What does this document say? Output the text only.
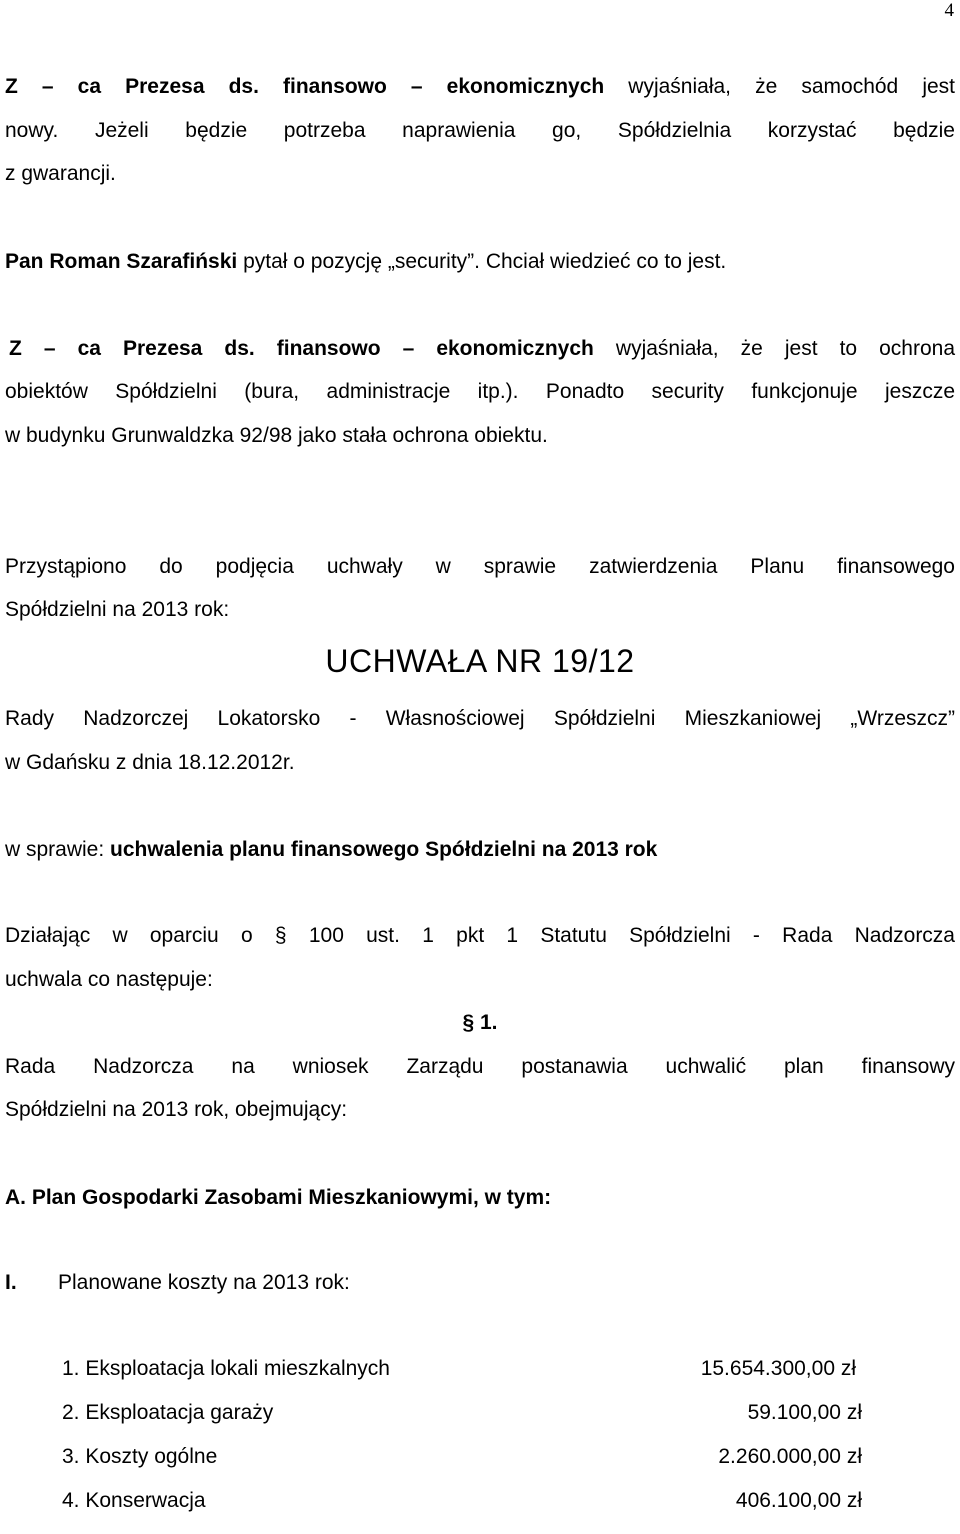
4
Z – ca Prezesa ds. finansowo – ekonomicznych wyjaśniała, że samochód jest
nowy. Jeżeli będzie potrzeba naprawienia go, Spółdzielnia korzystać będzie
z gwarancji.
Pan Roman Szarafiński pytał o pozycję „security”. Chciał wiedzieć co to jest.
Z – ca Prezesa ds. finansowo – ekonomicznych wyjaśniała, że jest to ochrona
obiektów Spółdzielni (bura, administracje itp.). Ponadto security funkcjonuje jeszcze
w budynku Grunwaldzka 92/98 jako stała ochrona obiektu.
Przystąpiono do podjęcia uchwały w sprawie zatwierdzenia Planu finansowego
Spółdzielni na 2013 rok:
UCHWAŁA NR 19/12
Rady Nadzorczej Lokatorsko - Własnościowej Spółdzielni Mieszkaniowej „Wrzeszcz”
w Gdańsku z dnia 18.12.2012r.
w sprawie: uchwalenia planu finansowego Spółdzielni na 2013 rok
Działając w oparciu o § 100 ust. 1 pkt 1 Statutu Spółdzielni - Rada Nadzorcza
uchwala co następuje:
§ 1.
Rada Nadzorcza na wniosek Zarządu postanawia uchwalić plan finansowy
Spółdzielni na 2013 rok, obejmujący:
A. Plan Gospodarki Zasobami Mieszkaniowymi, w tym:
I. Planowane koszty na 2013 rok:
1. Eksploatacja lokali mieszkalnych	15.654.300,00 zł
2. Eksploatacja garaży	59.100,00 zł
3. Koszty ogólne	2.260.000,00 zł
4. Konserwacja	406.100,00 zł
